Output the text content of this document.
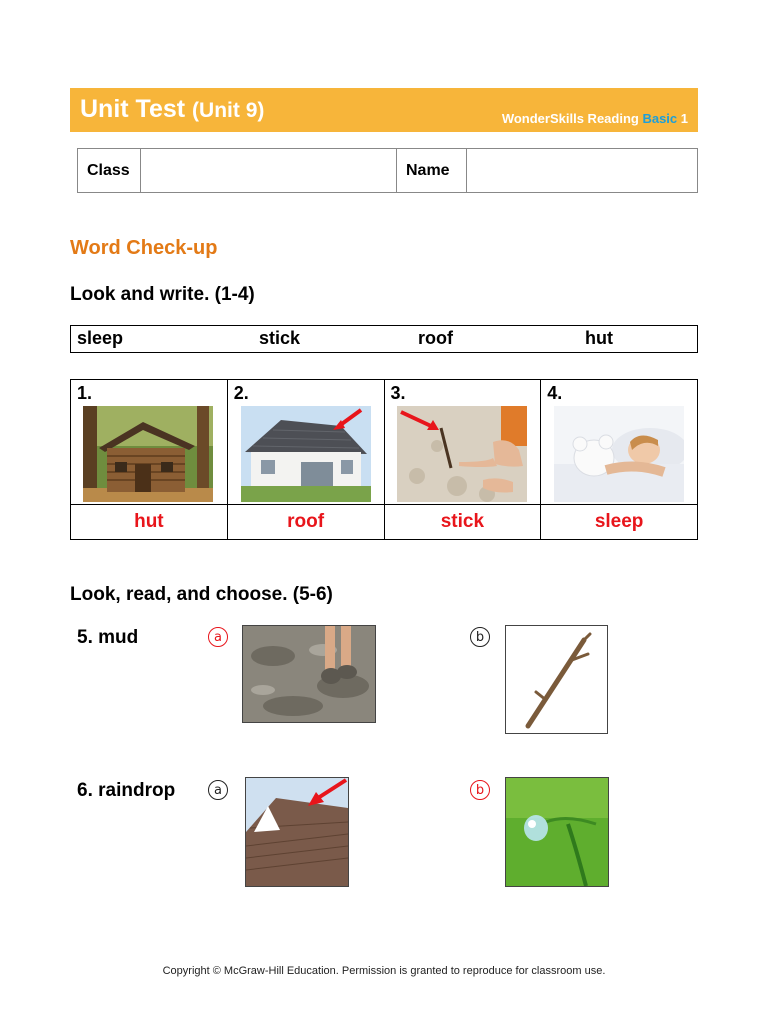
Unit Test (Unit 9)	WonderSkills Reading Basic 1
Class		Name	
Word Check-up
Look and write. (1-4)
sleep	stick	roof	hut
1.	2.	3.	4.

hut	roof	stick	sleep
Look, read, and choose. (5-6)
5. mud	a	b
6. raindrop	a	b
Copyright © McGraw-Hill Education. Permission is granted to reproduce for classroom use.
